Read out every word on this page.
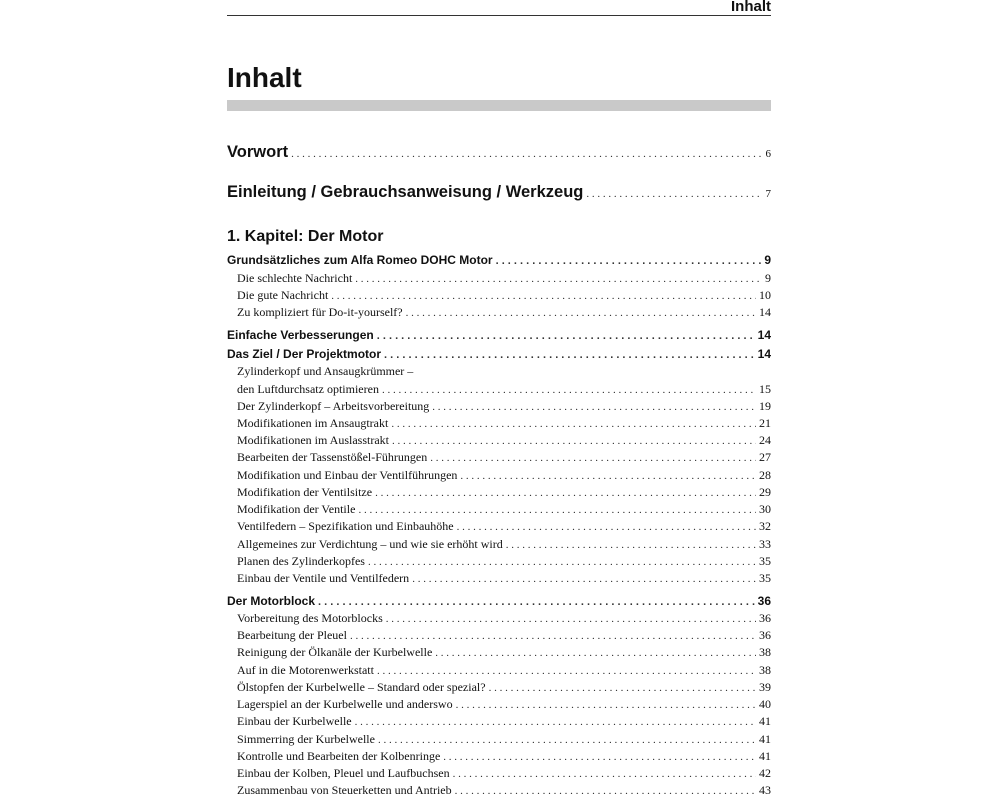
Inhalt
Inhalt
Vorwort . . .	6
Einleitung / Gebrauchsanweisung / Werkzeug . . .	7
1. Kapitel: Der Motor
Grundsätzliches zum Alfa Romeo DOHC Motor . . .	9
Die schlechte Nachricht . . .	9
Die gute Nachricht . . .	10
Zu kompliziert für Do-it-yourself? . . .	14
Einfache Verbesserungen . . .	14
Das Ziel / Der Projektmotor . . .	14
Zylinderkopf und Ansaugkrümmer –
den Luftdurchsatz optimieren . . .	15
Der Zylinderkopf – Arbeitsvorbereitung . . .	19
Modifikationen im Ansaugtrakt . . .	21
Modifikationen im Auslasstrakt . . .	24
Bearbeiten der Tassenstößel-Führungen . . .	27
Modifikation und Einbau der Ventilführungen . . .	28
Modifikation der Ventilsitze . . .	29
Modifikation der Ventile . . .	30
Ventilfedern – Spezifikation und Einbauhöhe . . .	32
Allgemeines zur Verdichtung – und wie sie erhöht wird . . .	33
Planen des Zylinderkopfes . . .	35
Einbau der Ventile und Ventilfedern . . .	35
Der Motorblock . . .	36
Vorbereitung des Motorblocks . . .	36
Bearbeitung der Pleuel . . .	36
Reinigung der Ölkanäle der Kurbelwelle . . .	38
Auf in die Motorenwerkstatt . . .	38
Ölstopfen der Kurbelwelle – Standard oder spezial? . . .	39
Lagerspiel an der Kurbelwelle und anderswo . . .	40
Einbau der Kurbelwelle . . .	41
Simmerring der Kurbelwelle . . .	41
Kontrolle und Bearbeiten der Kolbenringe . . .	41
Einbau der Kolben, Pleuel und Laufbuchsen . . .	42
Zusammenbau von Steuerketten und Antrieb . . .	43
